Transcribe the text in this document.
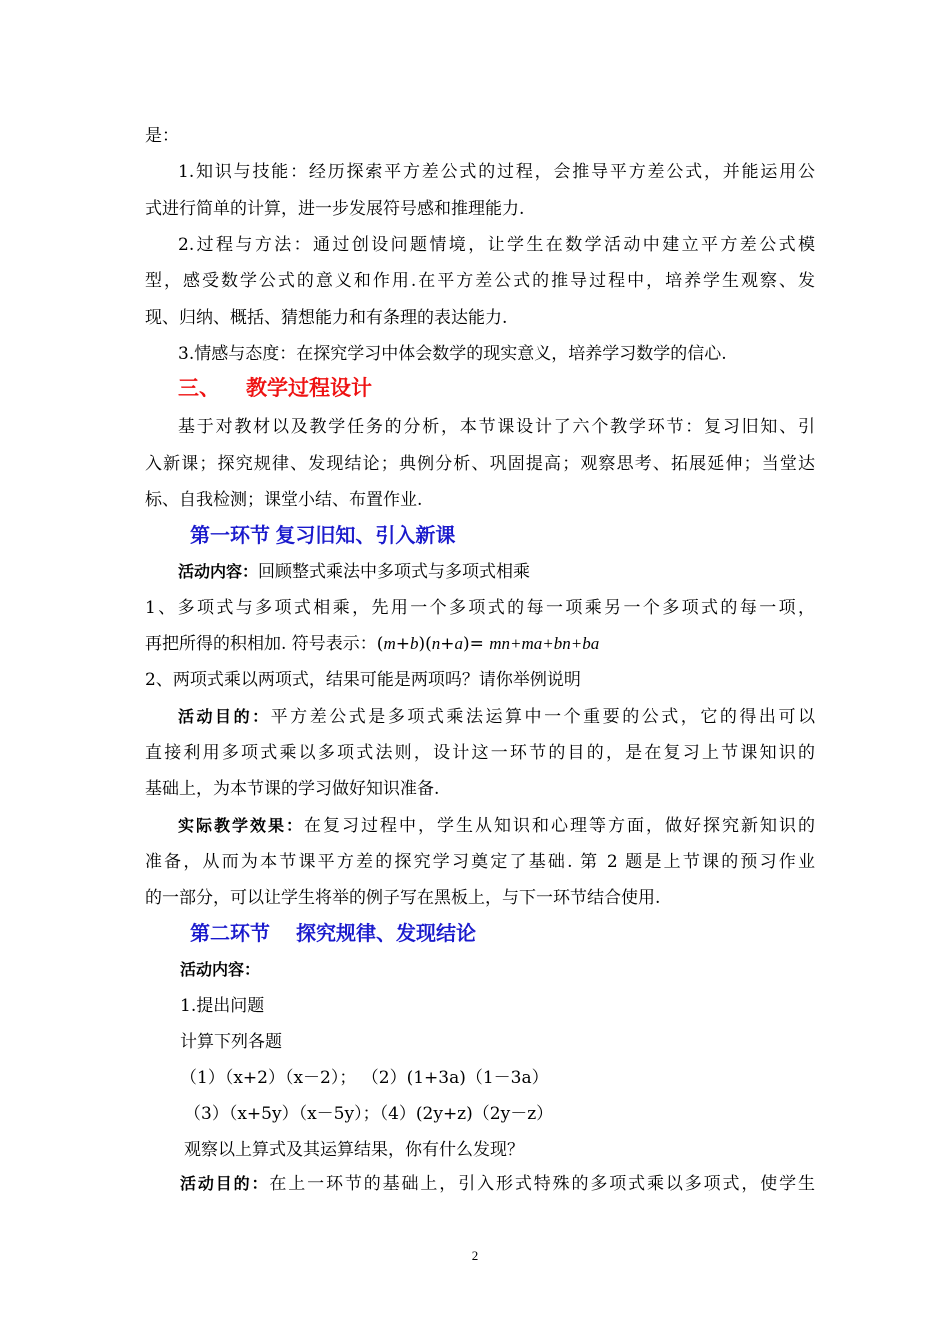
是：
1.知识与技能：经历探索平方差公式的过程，会推导平方差公式，并能运用公
式进行简单的计算，进一步发展符号感和推理能力.
2.过程与方法：通过创设问题情境，让学生在数学活动中建立平方差公式模
型，感受数学公式的意义和作用.在平方差公式的推导过程中，培养学生观察、发
现、归纳、概括、猜想能力和有条理的表达能力.
3.情感与态度：在探究学习中体会数学的现实意义，培养学习数学的信心.
三、 教学过程设计
基于对教材以及教学任务的分析，本节课设计了六个教学环节：复习旧知、引
入新课；探究规律、发现结论；典例分析、巩固提高；观察思考、拓展延伸；当堂达
标、自我检测；课堂小结、布置作业.
第一环节 复习旧知、引入新课
活动内容：回顾整式乘法中多项式与多项式相乘
1、多项式与多项式相乘，先用一个多项式的每一项乘另一个多项式的每一项，
再把所得的积相加. 符号表示：(m+b)(n+a)= mn+ma+bn+ba
2、两项式乘以两项式，结果可能是两项吗？请你举例说明
活动目的：平方差公式是多项式乘法运算中一个重要的公式，它的得出可以
直接利用多项式乘以多项式法则，设计这一环节的目的，是在复习上节课知识的
基础上，为本节课的学习做好知识准备.
实际教学效果：在复习过程中，学生从知识和心理等方面，做好探究新知识的
准备，从而为本节课平方差的探究学习奠定了基础. 第 2 题是上节课的预习作业
的一部分，可以让学生将举的例子写在黑板上，与下一环节结合使用.
第二环节 探究规律、发现结论
活动内容：
1.提出问题
计算下列各题
（1）（x+2）（x－2）； （2）(1+3a)（1－3a）
（3）（x+5y）（x－5y）；（4）(2y+z)（2y－z）
观察以上算式及其运算结果，你有什么发现？
活动目的：在上一环节的基础上，引入形式特殊的多项式乘以多项式，使学生
2
